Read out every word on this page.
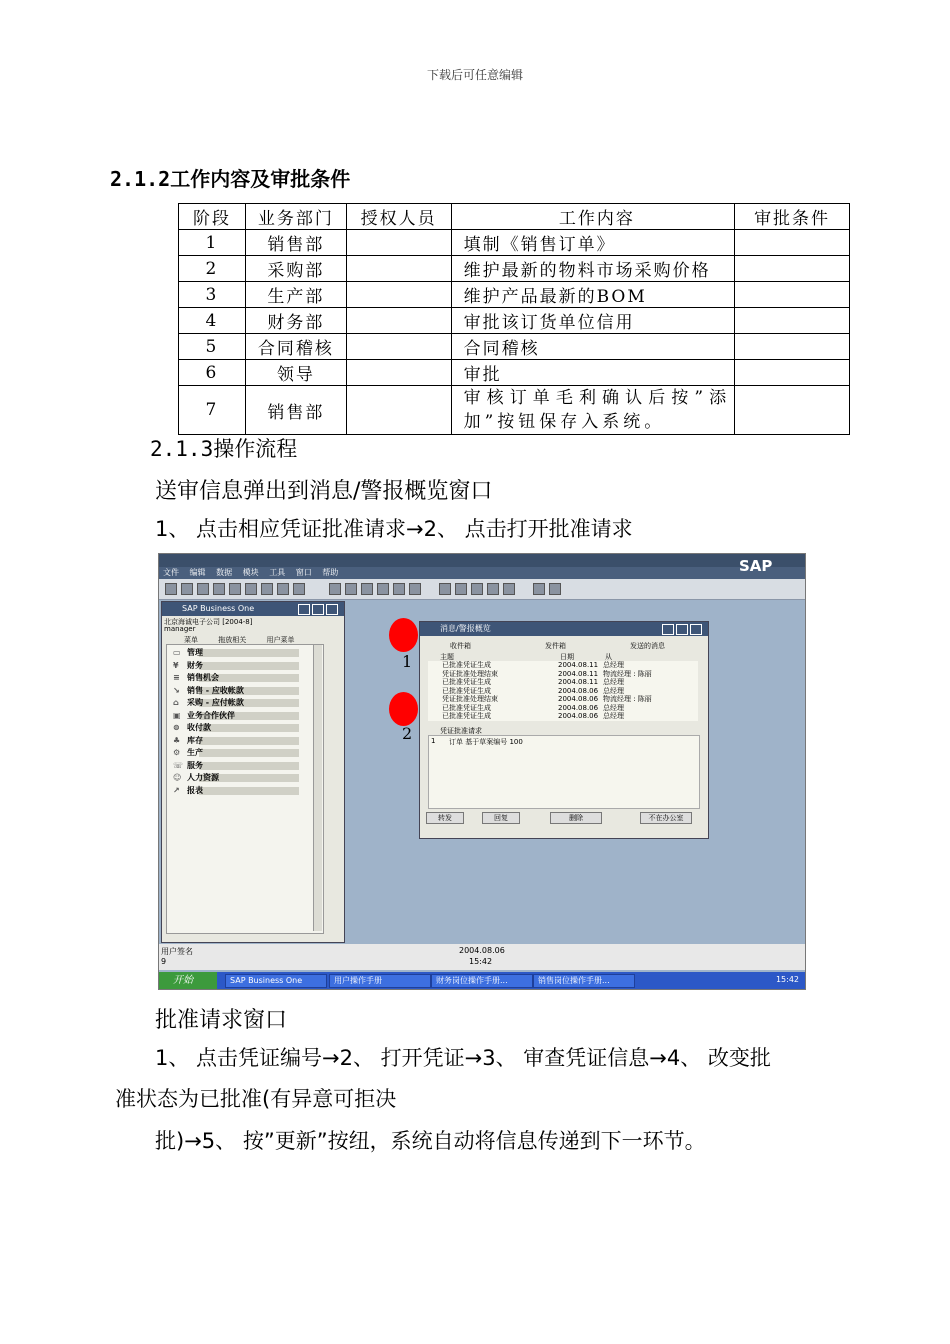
下载后可任意编辑
2.1.2工作内容及审批条件
阶段	业务部门	授权人员	工作内容	审批条件
1	销售部		填制《销售订单》	
2	采购部		维护最新的物料市场采购价格	
3	生产部		维护产品最新的BOM	
4	财务部		审批该订货单位信用	
5	合同稽核		合同稽核	
6	领导		审批	
7	销售部		审核订单毛利确认后按”添加”按钮保存入系统。	
2.1.3操作流程
送审信息弹出到消息/警报概览窗口
1、 点击相应凭证批准请求→2、 点击打开批准请求
文件 编辑 数据 模块 工具 窗口 帮助	SAP
SAP Business One
北京海诚电子公司 [2004-8]
manager
菜单	拖放相关	用户菜单
▭ 管理
¥ 财务
≡ 销售机会
↘ 销售 - 应收帐款
⌂ 采购 - 应付帐款
▣ 业务合作伙伴
⊜ 收付款
♣ 库存
⚙ 生产
☏ 服务
☺ 人力资源
↗ 报表
消息/警报概览
收件箱	发件箱	发送的消息
主题	日期	从
已批准凭证生成	2004.08.11 总经理
凭证批准处理结束	2004.08.11 物流经理 : 陈丽
已批准凭证生成	2004.08.11 总经理
已批准凭证生成	2004.08.06 总经理
凭证批准处理结束	2004.08.06 物流经理 : 陈丽
已批准凭证生成	2004.08.06 总经理
已批准凭证生成	2004.08.06 总经理
凭证批准请求
1 订单 基于草案编号 100
转发	回复	删除	不在办公室
1
2
用户签名
9
2004.08.06
15:42
开始	SAP Business One	用户操作手册	财务岗位操作手册...	销售岗位操作手册...	15:42
批准请求窗口
1、 点击凭证编号→2、 打开凭证→3、 审查凭证信息→4、 改变批
准状态为已批准(有异意可拒决
批)→5、 按”更新”按纽，系统自动将信息传递到下一环节。
